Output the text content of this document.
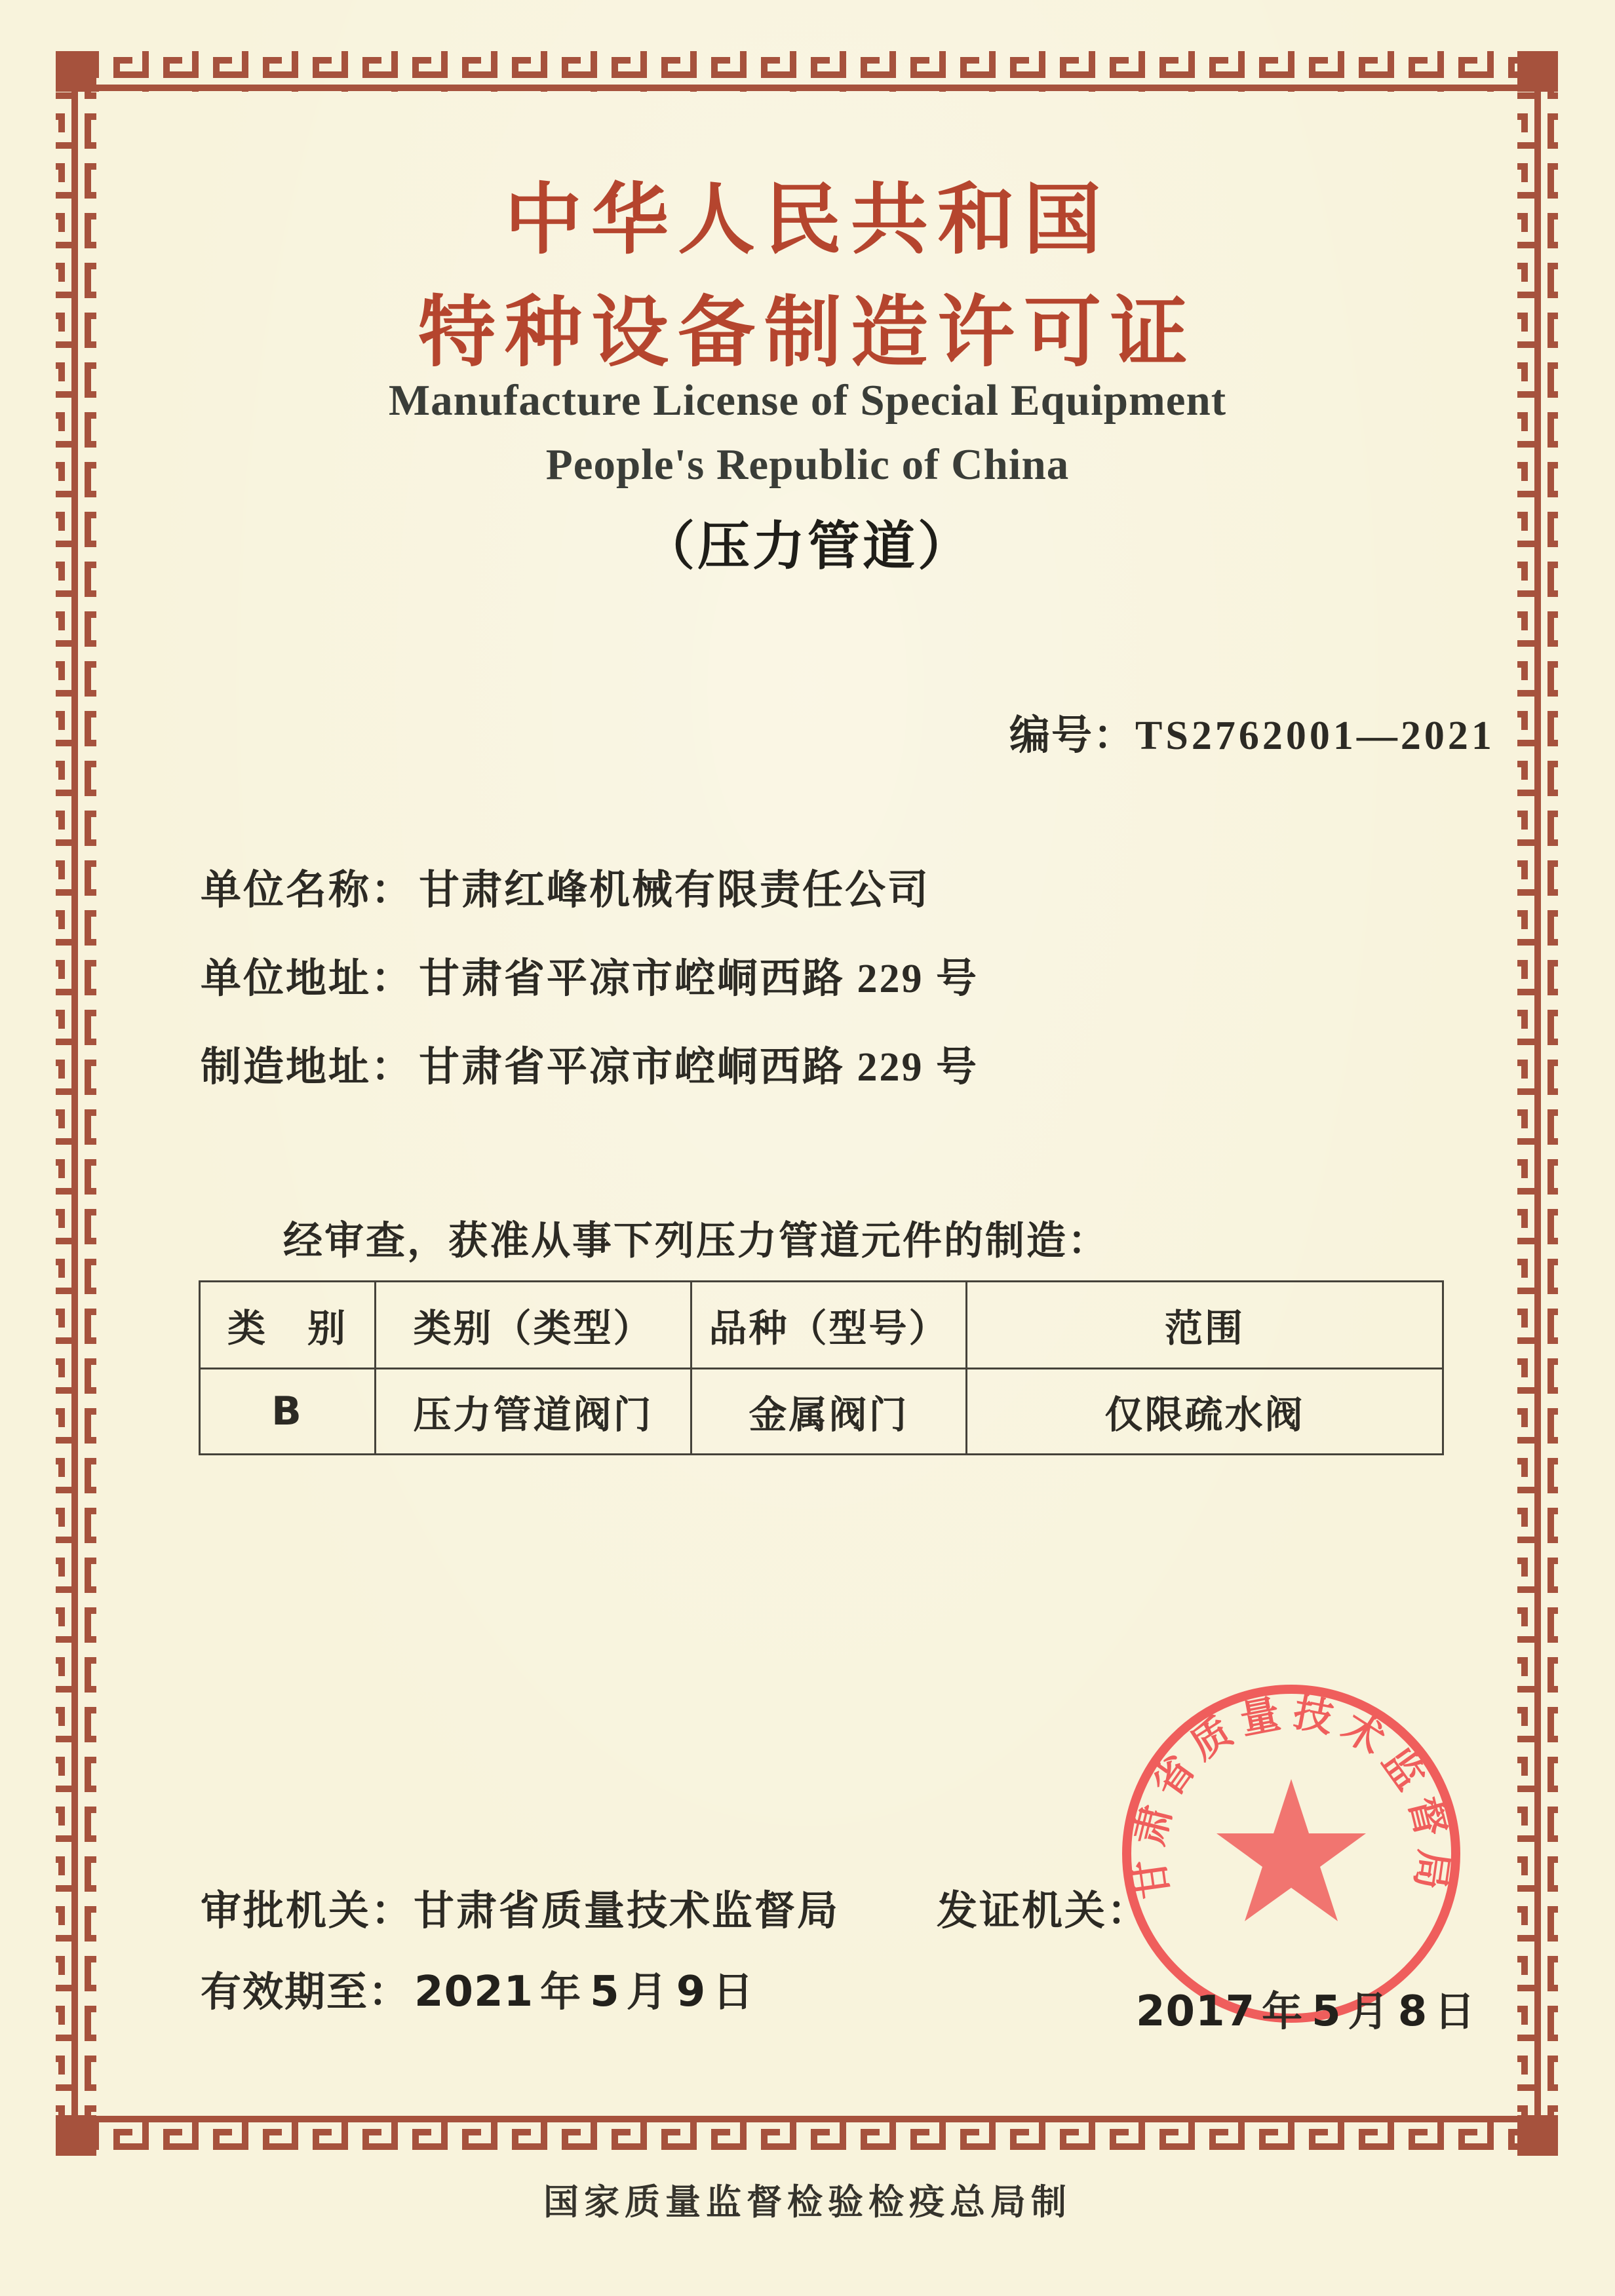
中华人民共和国
特种设备制造许可证
Manufacture License of Special Equipment
People's Republic of China
（压力管道）
编号：TS2762001—2021
单位名称： 甘肃红峰机械有限责任公司
单位地址： 甘肃省平凉市崆峒西路 229 号
制造地址： 甘肃省平凉市崆峒西路 229 号
经审查，获准从事下列压力管道元件的制造：
类　别	类别（类型）	品种（型号）	范围
B	压力管道阀门	金属阀门	仅限疏水阀
审批机关：甘肃省质量技术监督局 发证机关：
有效期至：2021 年 5 月 9 日
甘肃省质量技术监督局
2017 年 5 月 8 日
国家质量监督检验检疫总局制
